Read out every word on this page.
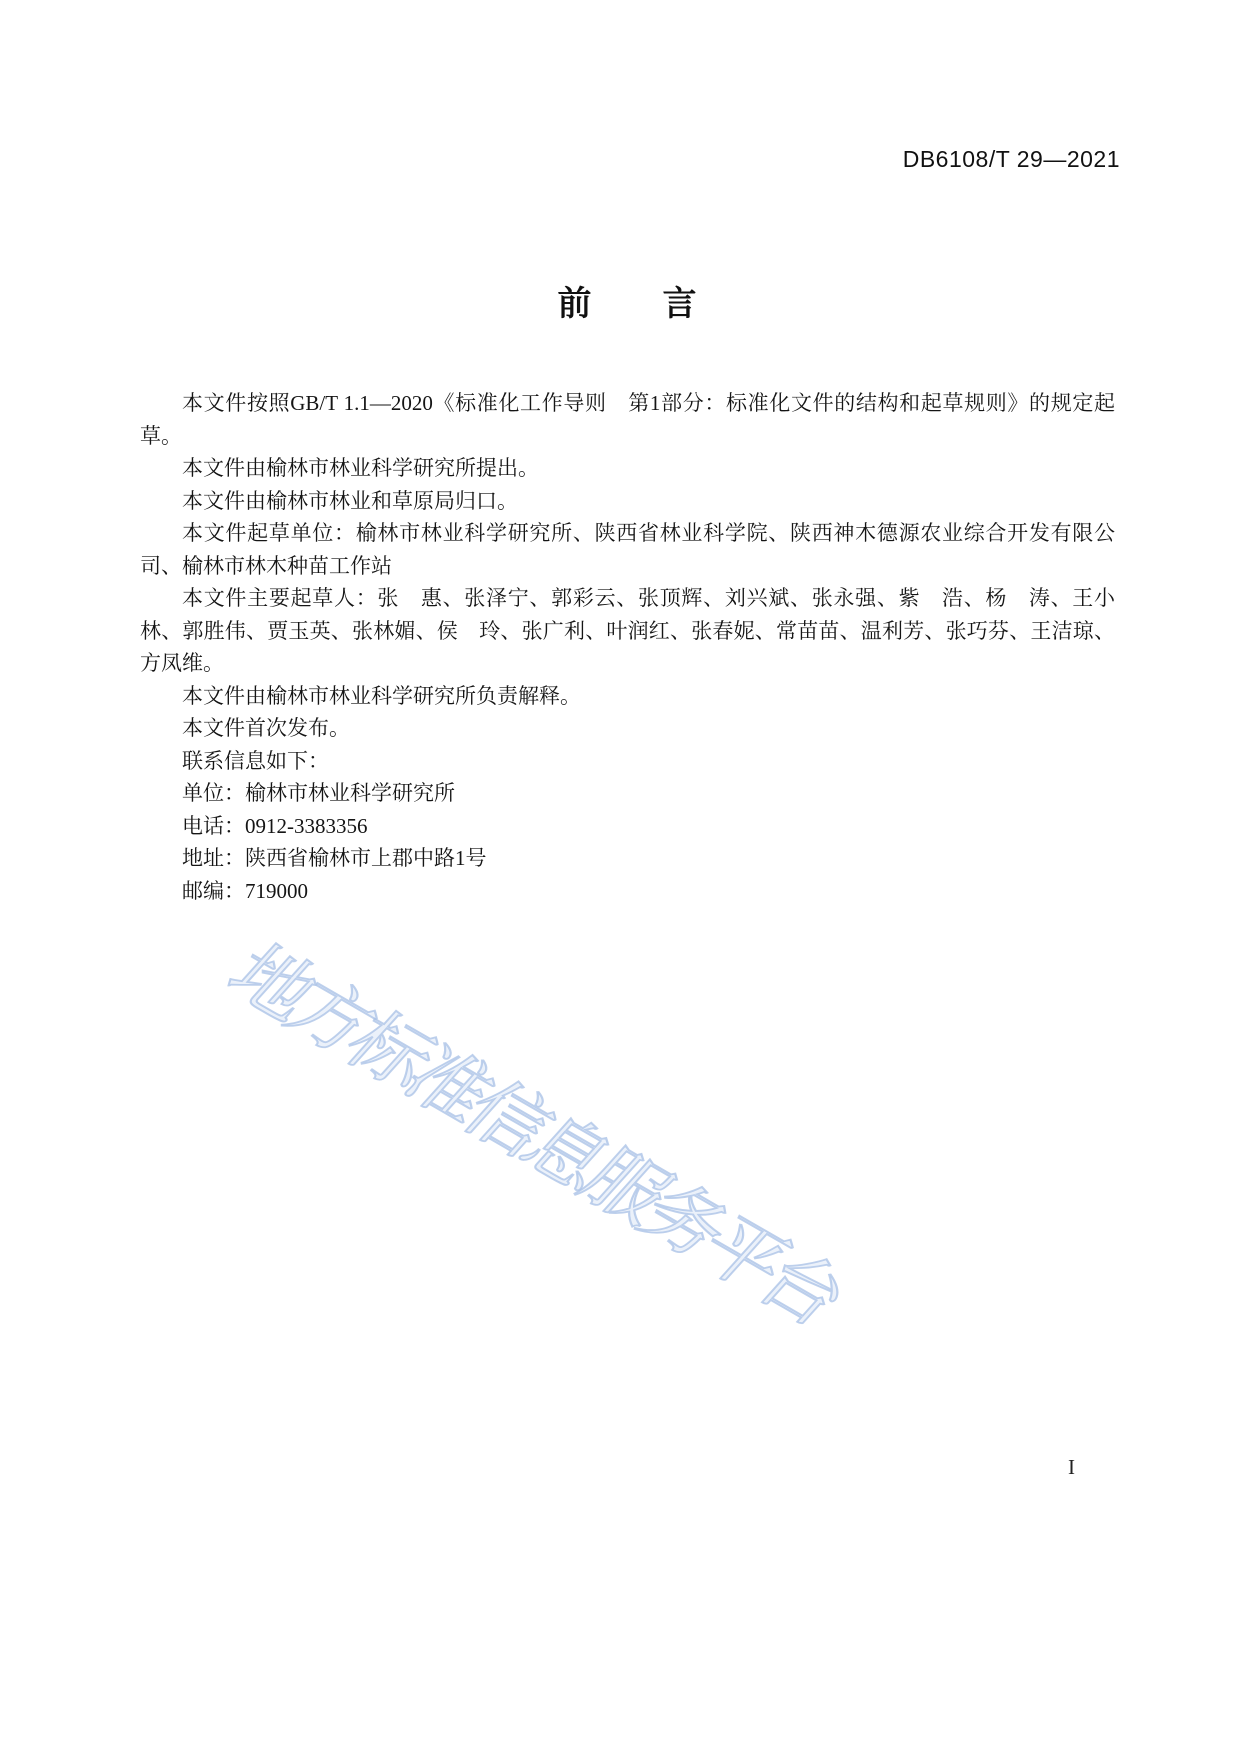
DB6108/T 29—2021
前　　言

本文件按照GB/T 1.1—2020《标准化工作导则　第1部分：标准化文件的结构和起草规则》的规定起草。

本文件由榆林市林业科学研究所提出。

本文件由榆林市林业和草原局归口。

本文件起草单位：榆林市林业科学研究所、陕西省林业科学院、陕西神木德源农业综合开发有限公司、榆林市林木种苗工作站

本文件主要起草人：张　惠、张泽宁、郭彩云、张顶辉、刘兴斌、张永强、紫　浩、杨　涛、王小林、郭胜伟、贾玉英、张林媚、侯　玲、张广利、叶润红、张春妮、常苗苗、温利芳、张巧芬、王洁琼、方凤维。

本文件由榆林市林业科学研究所负责解释。

本文件首次发布。

联系信息如下：

单位：榆林市林业科学研究所

电话：0912-3383356

地址：陕西省榆林市上郡中路1号

邮编：719000

地方标准信息服务平台
I
